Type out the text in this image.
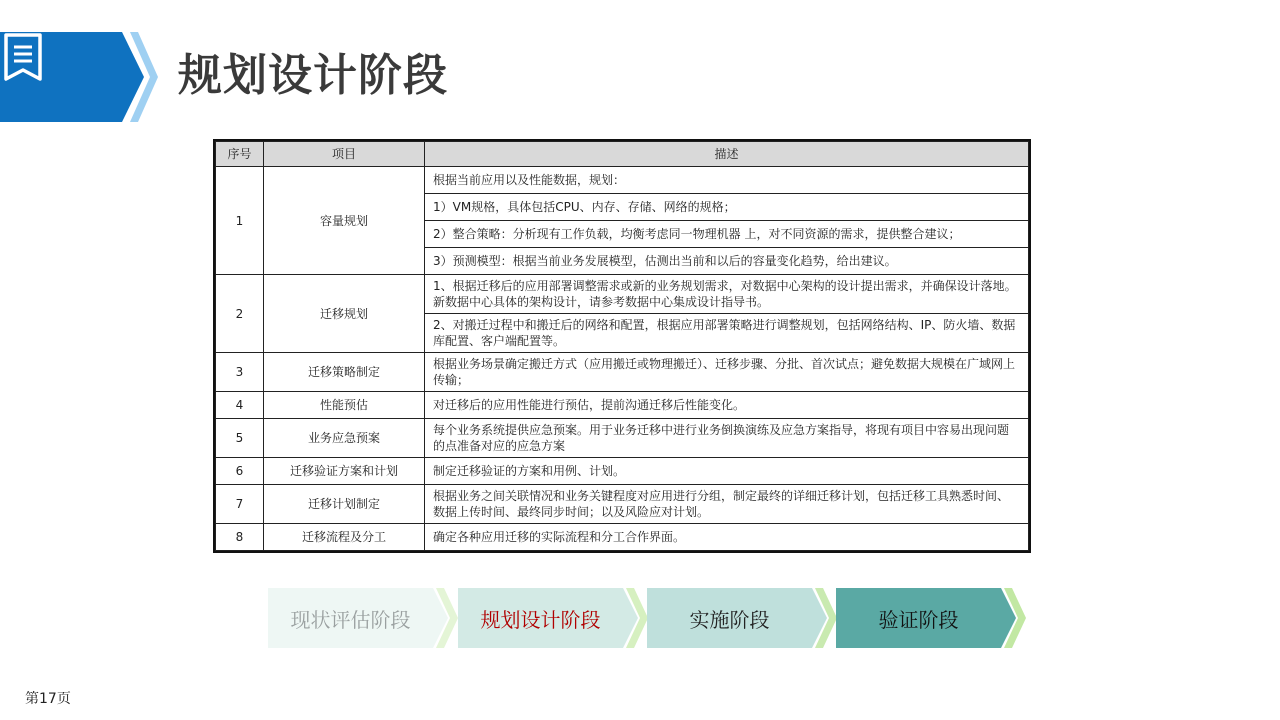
规划设计阶段
序号	项目	描述
1	容量规划	根据当前应用以及性能数据，规划：
		1）VM规格，具体包括CPU、内存、存储、网络的规格；
		2）整合策略：分析现有工作负载，均衡考虑同一物理机器 上，对不同资源的需求，提供整合建议；
		3）预测模型：根据当前业务发展模型，估测出当前和以后的容量变化趋势，给出建议。
2	迁移规划	1、根据迁移后的应用部署调整需求或新的业务规划需求，对数据中心架构的设计提出需求，并确保设计落地。新数据中心具体的架构设计，请参考数据中心集成设计指导书。
		2、对搬迁过程中和搬迁后的网络和配置，根据应用部署策略进行调整规划，包括网络结构、IP、防火墙、数据库配置、客户端配置等。
3	迁移策略制定	根据业务场景确定搬迁方式（应用搬迁或物理搬迁）、迁移步骤、分批、首次试点；避免数据大规模在广域网上传输；
4	性能预估	对迁移后的应用性能进行预估，提前沟通迁移后性能变化。
5	业务应急预案	每个业务系统提供应急预案。用于业务迁移中进行业务倒换演练及应急方案指导，将现有项目中容易出现问题的点准备对应的应急方案
6	迁移验证方案和计划	制定迁移验证的方案和用例、计划。
7	迁移计划制定	根据业务之间关联情况和业务关键程度对应用进行分组，制定最终的详细迁移计划，包括迁移工具熟悉时间、数据上传时间、最终同步时间；以及风险应对计划。
8	迁移流程及分工	确定各种应用迁移的实际流程和分工合作界面。
现状评估阶段	规划设计阶段	实施阶段	验证阶段
第17页
